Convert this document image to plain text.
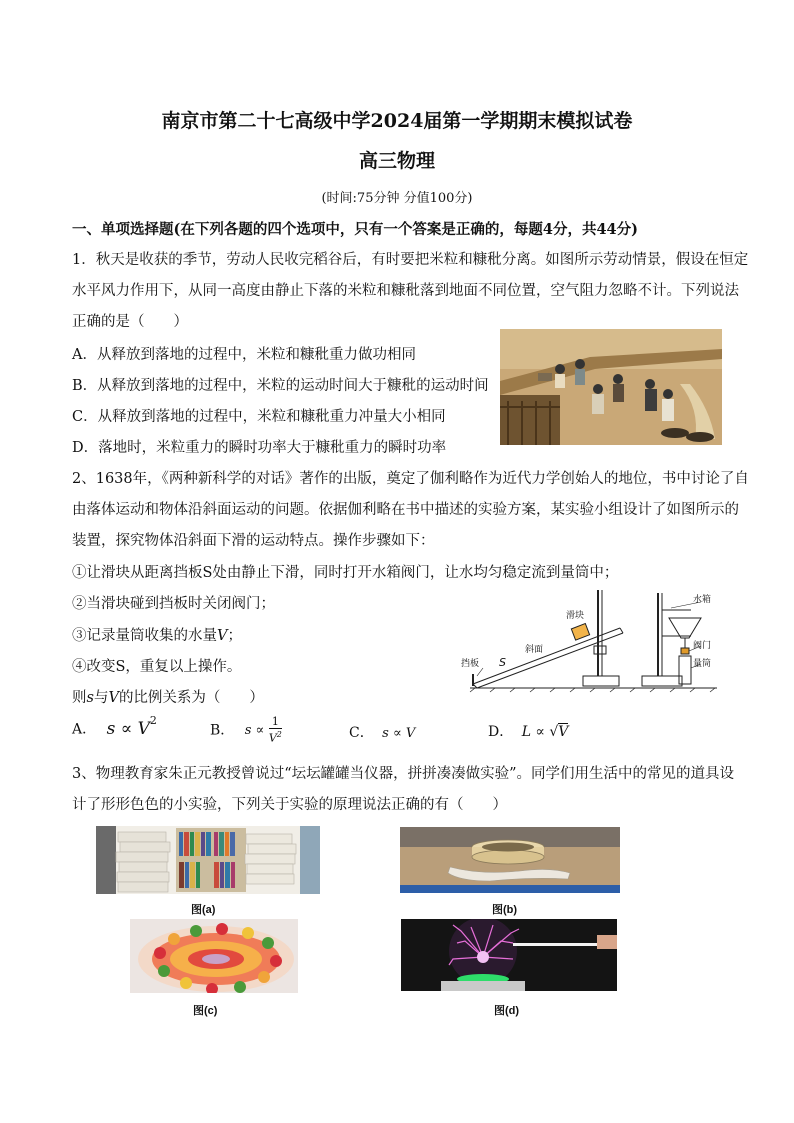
南京市第二十七高级中学2024届第一学期期末模拟试卷
高三物理
(时间:75分钟 分值100分)
一、单项选择题(在下列各题的四个选项中，只有一个答案是正确的，每题4分，共44分)
1．秋天是收获的季节，劳动人民收完稻谷后，有时要把米粒和糠秕分离。如图所示劳动情景，假设在恒定
水平风力作用下，从同一高度由静止下落的米粒和糠秕落到地面不同位置，空气阻力忽略不计。下列说法
正确的是（　　）
A．从释放到落地的过程中，米粒和糠秕重力做功相同
B．从释放到落地的过程中，米粒的运动时间大于糠秕的运动时间
C．从释放到落地的过程中，米粒和糠秕重力冲量大小相同
D．落地时，米粒重力的瞬时功率大于糠秕重力的瞬时功率
2、1638年，《两种新科学的对话》著作的出版，奠定了伽利略作为近代力学创始人的地位，书中讨论了自
由落体运动和物体沿斜面运动的问题。依据伽利略在书中描述的实验方案，某实验小组设计了如图所示的
装置，探究物体沿斜面下滑的运动特点。操作步骤如下：
①让滑块从距离挡板S处由静止下滑，同时打开水箱阀门，让水均匀稳定流到量筒中；
②当滑块碰到挡板时关闭阀门；
③记录量筒收集的水量V；
④改变S，重复以上操作。
则s与V的比例关系为（　　）
A． $s \propto V^2$
B． $s \propto \frac{1}{V^2}$	C． s ∝ V	D． L ∝ √V
滑块
斜面
S
挡板
水箱
阀门
量筒
3、物理教育家朱正元教授曾说过“坛坛罐罐当仪器，拼拼凑凑做实验”。同学们用生活中的常见的道具设
计了形形色色的小实验，下列关于实验的原理说法正确的有（　　）
图(a)	图(b)
图(c)	图(d)
